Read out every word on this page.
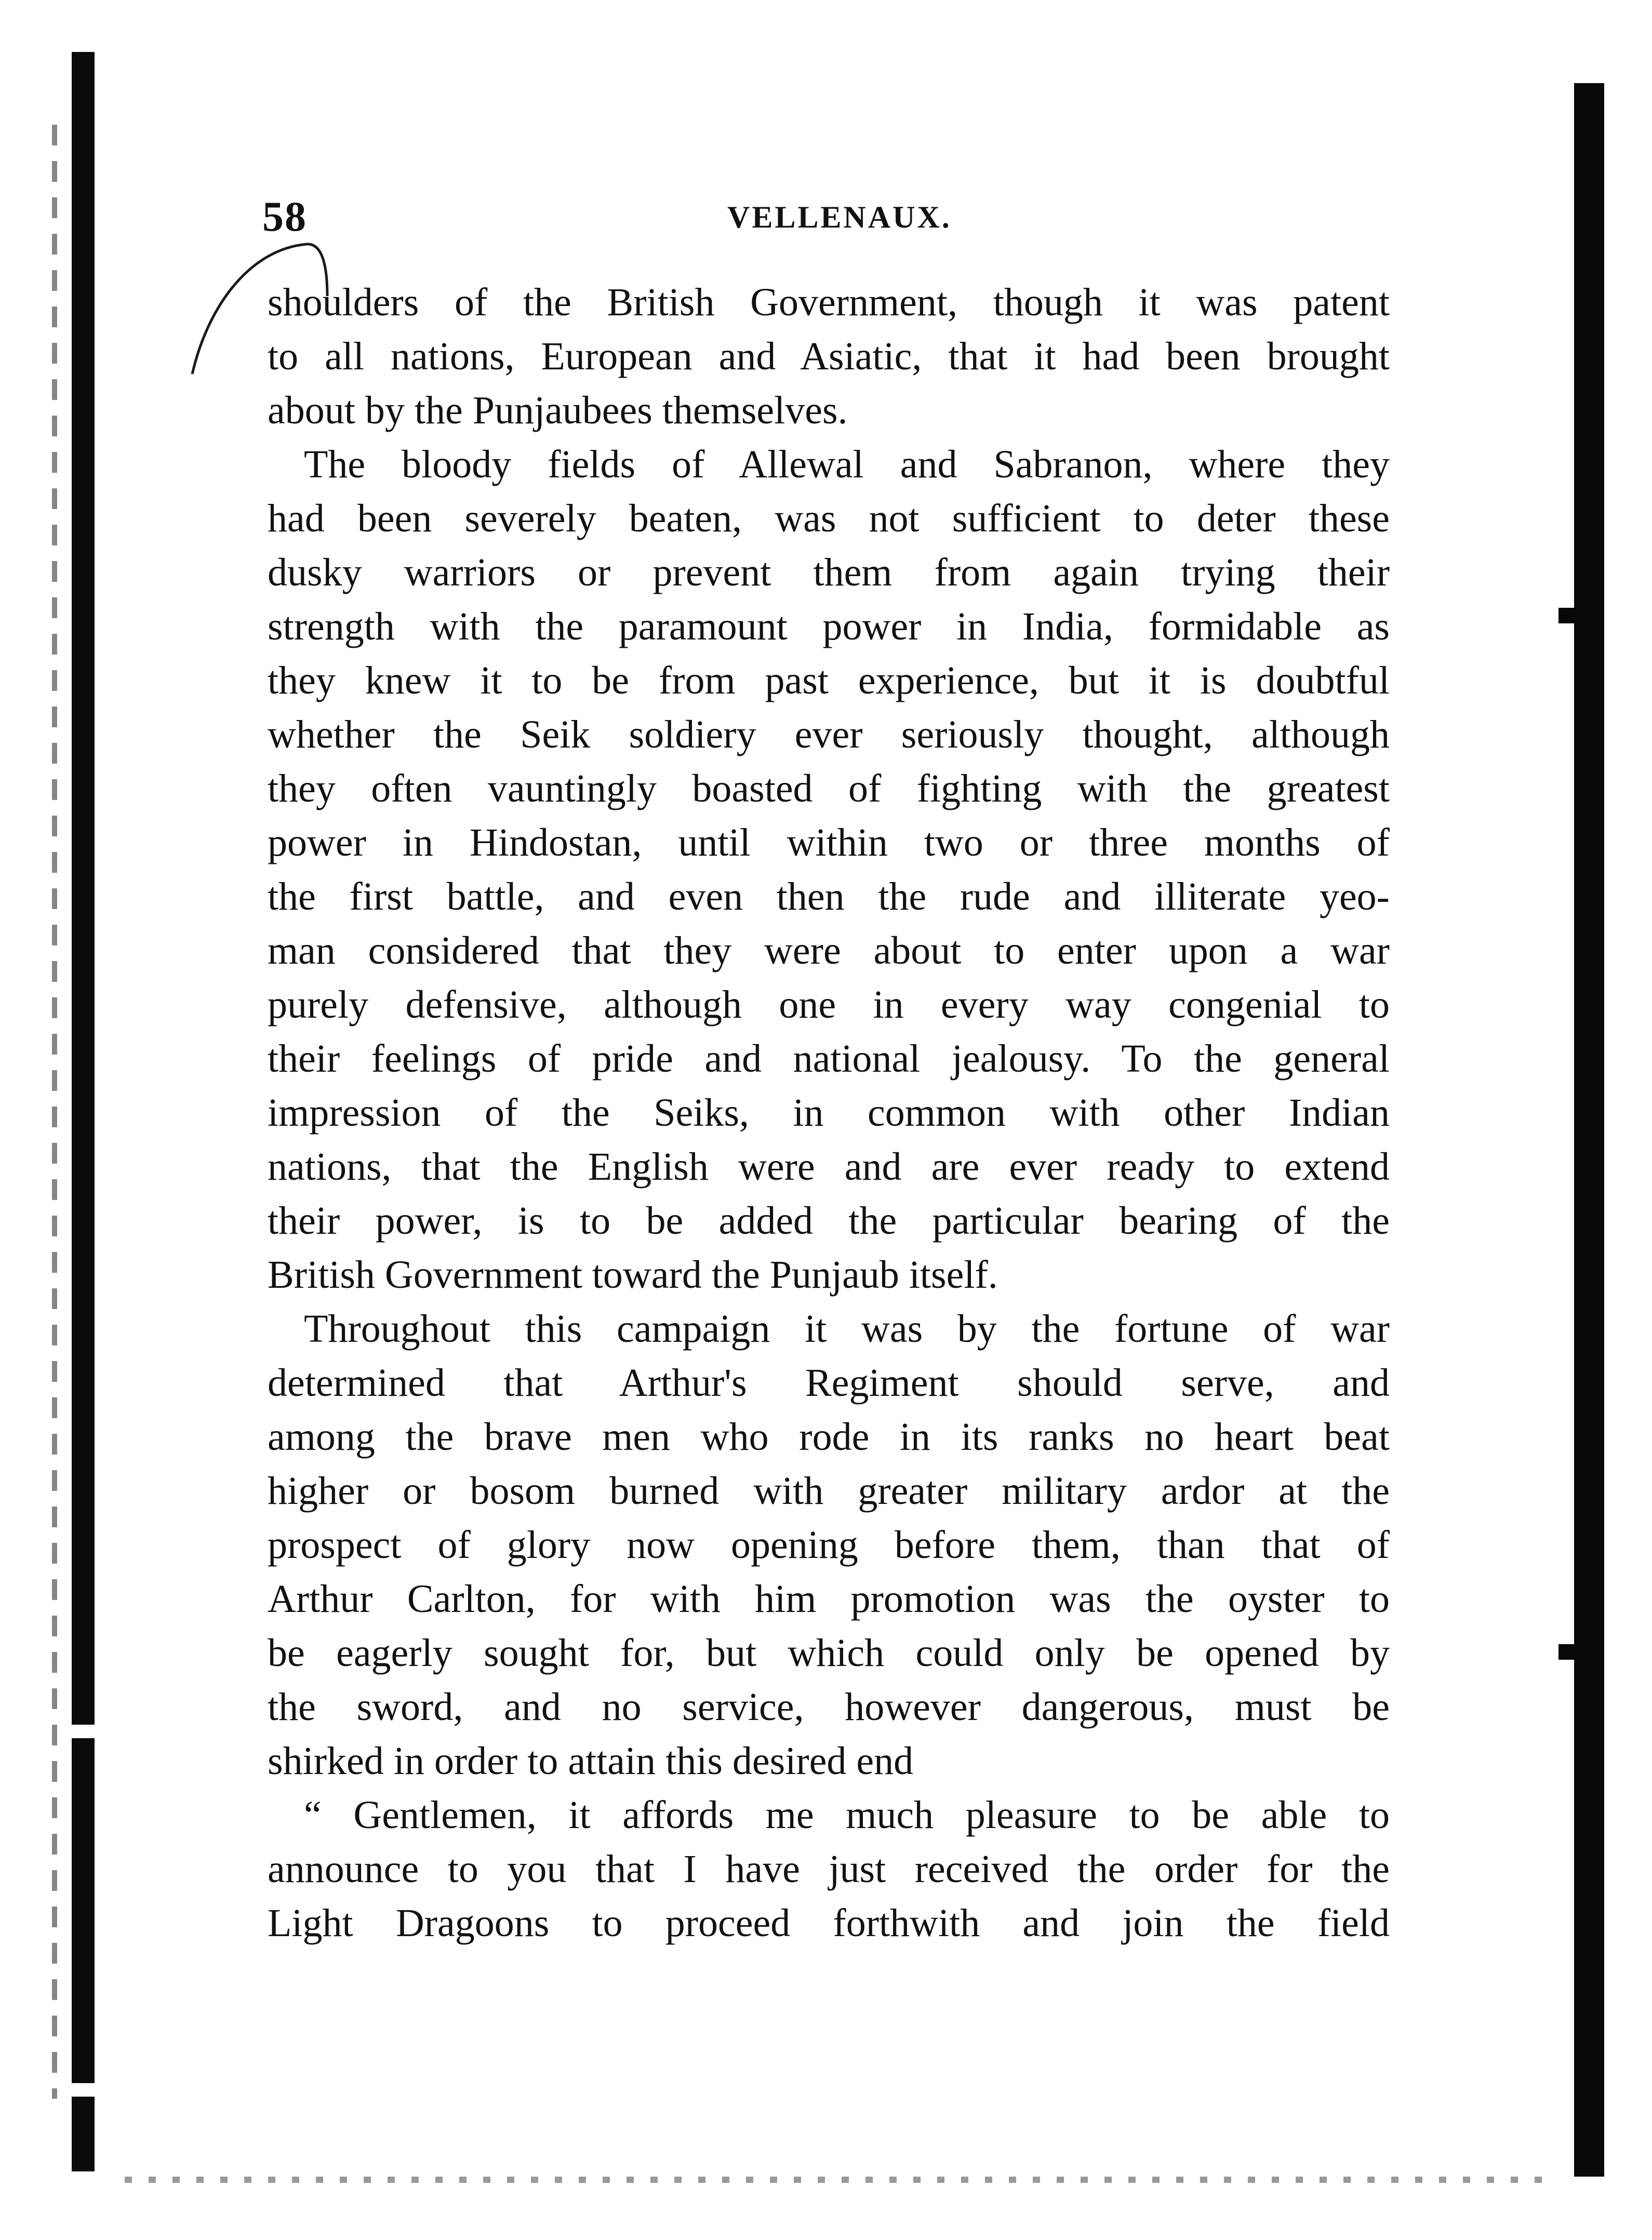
58	VELLENAUX.
shoulders of the British Government, though it was patent
to all nations, European and Asiatic, that it had been brought
about by the Punjaubees themselves.
The bloody fields of Allewal and Sabranon, where they
had been severely beaten, was not sufficient to deter these
dusky warriors or prevent them from again trying their
strength with the paramount power in India, formidable as
they knew it to be from past experience, but it is doubtful
whether the Seik soldiery ever seriously thought, although
they often vauntingly boasted of fighting with the greatest
power in Hindostan, until within two or three months of
the first battle, and even then the rude and illiterate yeo-
man considered that they were about to enter upon a war
purely defensive, although one in every way congenial to
their feelings of pride and national jealousy. To the general
impression of the Seiks, in common with other Indian
nations, that the English were and are ever ready to extend
their power, is to be added the particular bearing of the
British Government toward the Punjaub itself.
Throughout this campaign it was by the fortune of war
determined that Arthur's Regiment should serve, and
among the brave men who rode in its ranks no heart beat
higher or bosom burned with greater military ardor at the
prospect of glory now opening before them, than that of
Arthur Carlton, for with him promotion was the oyster to
be eagerly sought for, but which could only be opened by
the sword, and no service, however dangerous, must be
shirked in order to attain this desired end
“ Gentlemen, it affords me much pleasure to be able to
announce to you that I have just received the order for the
Light Dragoons to proceed forthwith and join the field
